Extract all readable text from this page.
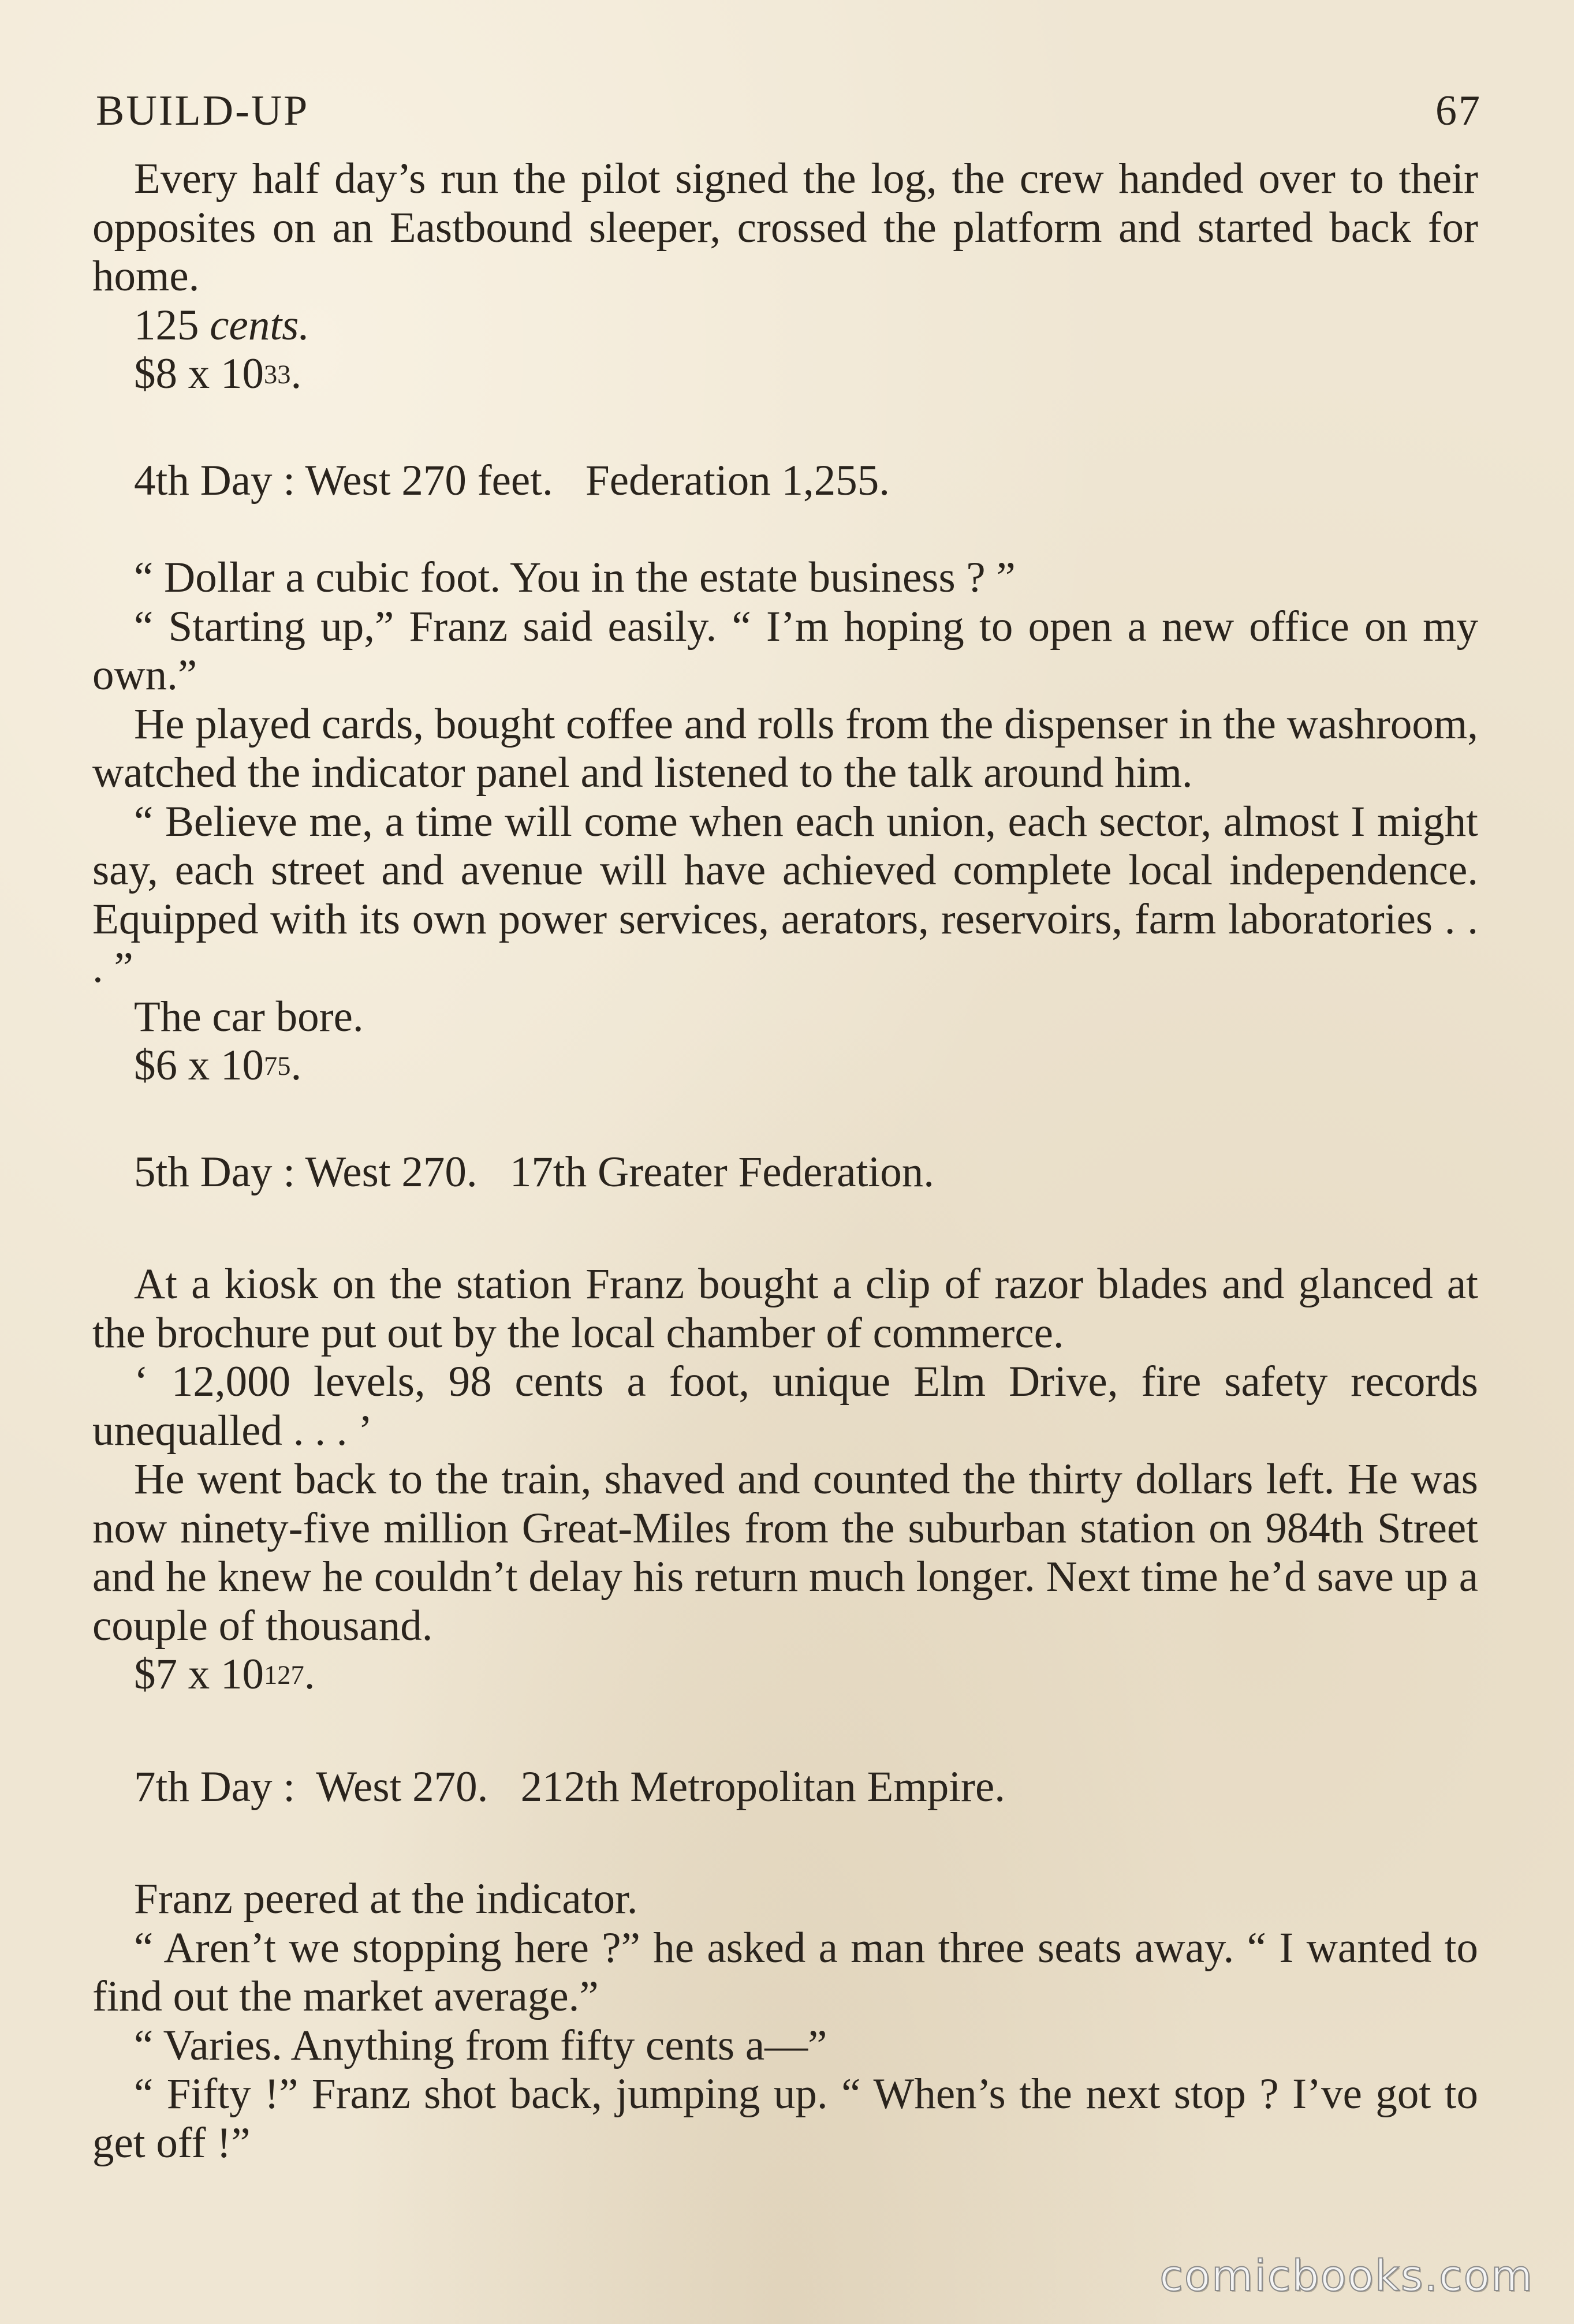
BUILD-UP	67

Every half day’s run the pilot signed the log, the crew handed over to their opposites on an Eastbound sleeper, crossed the platform and started back for home.

125 cents.

$8 x $10^{33}$.

4th Day : West 270 feet.   Federation 1,255.

“ Dollar a cubic foot. You in the estate business ? ”

“ Starting up,” Franz said easily. “ I’m hoping to open a new office on my own.”

He played cards, bought coffee and rolls from the dispenser in the washroom, watched the indicator panel and listened to the talk around him.

“ Believe me, a time will come when each union, each sector, almost I might say, each street and avenue will have achieved complete local independence. Equipped with its own power services, aerators, reservoirs, farm laboratories . . . ”

The car bore.

$6 x $10^{75}$.

5th Day : West 270.   17th Greater Federation.

At a kiosk on the station Franz bought a clip of razor blades and glanced at the brochure put out by the local chamber of commerce.

‘ 12,000 levels, 98 cents a foot, unique Elm Drive, fire safety records unequalled . . . ’

He went back to the train, shaved and counted the thirty dollars left. He was now ninety-five million Great-Miles from the suburban station on 984th Street and he knew he couldn’t delay his return much longer. Next time he’d save up a couple of thousand.

$7 x $10^{127}$.

7th Day :  West 270.   212th Metropolitan Empire.

Franz peered at the indicator.

“ Aren’t we stopping here ?” he asked a man three seats away. “ I wanted to find out the market average.”

“ Varies. Anything from fifty cents a—”

“ Fifty !” Franz shot back, jumping up. “ When’s the next stop ? I’ve got to get off !”

comicbooks.com
